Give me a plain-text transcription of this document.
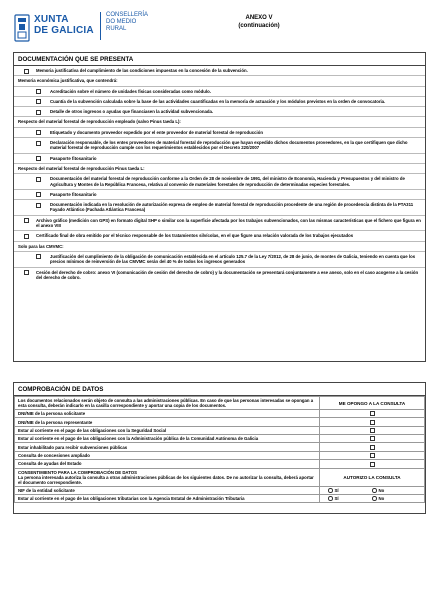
XUNTA
DE GALICIA
CONSELLERÍA
DO MEDIO
RURAL
ANEXO V
(continuación)
DOCUMENTACIÓN QUE SE PRESENTA
Memoria justificativa del cumplimiento de las condiciones impuestas en la concesión de la subvención.
Memoria económica justificativa, que contendrá:
Acreditación sobre el número de unidades físicas consideradas como módulo.
Cuantía de la subvención calculada sobre la base de las actividades cuantificadas en la memoria de actuación y los módulos previstos en la orden de convocatoria.
Detalle de otros ingresos o ayudas que financiasen la actividad subvencionada.
Respecto del material forestal de reproducción empleado (salvo Pinus taeda L):
Etiquetado y documento proveedor expedido por el ente proveedor de material forestal de reproducción
Declaración responsable, de los entes proveedores de material forestal de reproducción que hayan expedido dichos documentos proveedores, en la que certifiquen que dicho material forestal de reproducción cumple con los requerimientos establecidos por el Decreto 220/2007
Pasaporte fitosanitario
Respecto del material forestal de reproducción Pinus taeda L:
Documentación del material forestal de reproducción conforme a la Orden de 28 de noviembre de 1991, del ministro de Economía, Hacienda y Presupuestos y del ministro de Agricultura y Montes de la República Francesa, relativa al convenio de materiales forestales de reproducción de determinadas especies forestales.
Pasaporte fitosanitario
Documentación indicada en la resolución de autorización expresa de empleo de material forestal de reproducción procedente de una región de procedencia distinta de la PTA311 Fayado Atlántico (Fachada Atlántica Francesa)
Archivo gráfico (medición con GPS) en formato digital SHP o similar con la superficie afectada por los trabajos subvencionados, con las mismas características que el fichero que figura en el anexo VIII
Certificado final de obra emitido por el técnico responsable de los tratamientos silvícolas, en el que figure una relación valorada de los trabajos ejecutados
Solo para las CMVMC:
Justificación del cumplimiento de la obligación de comunicación establecida en el artículo 125.7 de la Ley 7/2012, de 28 de junio, de montes de Galicia, teniendo en cuenta que los precios mínimos de reinversión de las CMVMC serán del 40 % de todos los ingresos generados
Cesión del derecho de cobro: anexo VI (comunicación de cesión del derecho de cobro) y la documentación se presentará conjuntamente a ese anexo, solo en el caso acogerse a la cesión del derecho de cobro.
COMPROBACIÓN DE DATOS
Los documentos relacionados serán objeto de consulta a las administraciones públicas. En caso de que las personas interesadas se opongan a esta consulta, deberán indicarlo en la casilla correspondiente y aportar una copia de los documentos.	ME OPONGO A LA CONSULTA
DNI/NIE de la persona solicitante	
DNI/NIE de la persona representante	
Estar al corriente en el pago de las obligaciones con la Seguridad Social	
Estar al corriente en el pago de las obligaciones con la Administración pública de la Comunidad Autónoma de Galicia	
Estar inhabilitado para recibir subvenciones públicas	
Consulta de concesiones ampliado	
Consulta de ayudas del Estado	

CONSENTIMIENTO PARA LA COMPROBACIÓN DE DATOS
La persona interesada autoriza la consulta a otras administraciones públicas de los siguientes datos. De no autorizar la consulta, deberá aportar el documento correspondiente.	AUTORIZO LA CONSULTA
NIF de la entidad solicitante	SÍ No
Estar al corriente en el pago de las obligaciones tributarias con la Agencia Estatal de Administración Tributaria	SÍ No
